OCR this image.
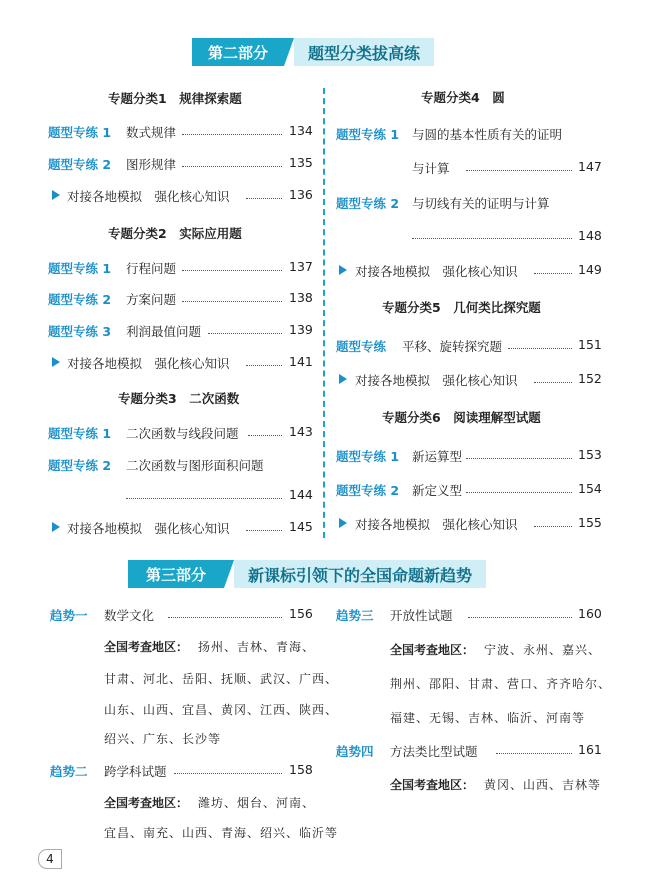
第二部分	题型分类拔高练
专题分类1　规律探索题
题型专练 1 数式规律	134
题型专练 2 图形规律	135
对接各地模拟　强化核心知识	136
专题分类2　实际应用题
题型专练 1 行程问题	137
题型专练 2 方案问题	138
题型专练 3 利润最值问题	139
对接各地模拟　强化核心知识	141
专题分类3　二次函数
题型专练 1 二次函数与线段问题	143
题型专练 2 二次函数与图形面积问题
144
对接各地模拟　强化核心知识	145
专题分类4　圆
题型专练 1 与圆的基本性质有关的证明
与计算	147
题型专练 2 与切线有关的证明与计算
148
对接各地模拟　强化核心知识	149
专题分类5　几何类比探究题
题型专练 平移、旋转探究题	151
对接各地模拟　强化核心知识	152
专题分类6　阅读理解型试题
题型专练 1 新运算型	153
题型专练 2 新定义型	154
对接各地模拟　强化核心知识	155
第三部分	新课标引领下的全国命题新趋势
趋势一 数学文化	156
全国考查地区： 扬州、吉林、青海、
甘肃、河北、岳阳、抚顺、武汉、广西、
山东、山西、宜昌、黄冈、江西、陕西、
绍兴、广东、长沙等
趋势二 跨学科试题	158
全国考查地区： 潍坊、烟台、河南、
宜昌、南充、山西、青海、绍兴、临沂等
趋势三 开放性试题	160
全国考查地区： 宁波、永州、嘉兴、
荆州、邵阳、甘肃、营口、齐齐哈尔、
福建、无锡、吉林、临沂、河南等
趋势四 方法类比型试题	161
全国考查地区： 黄冈、山西、吉林等
4
